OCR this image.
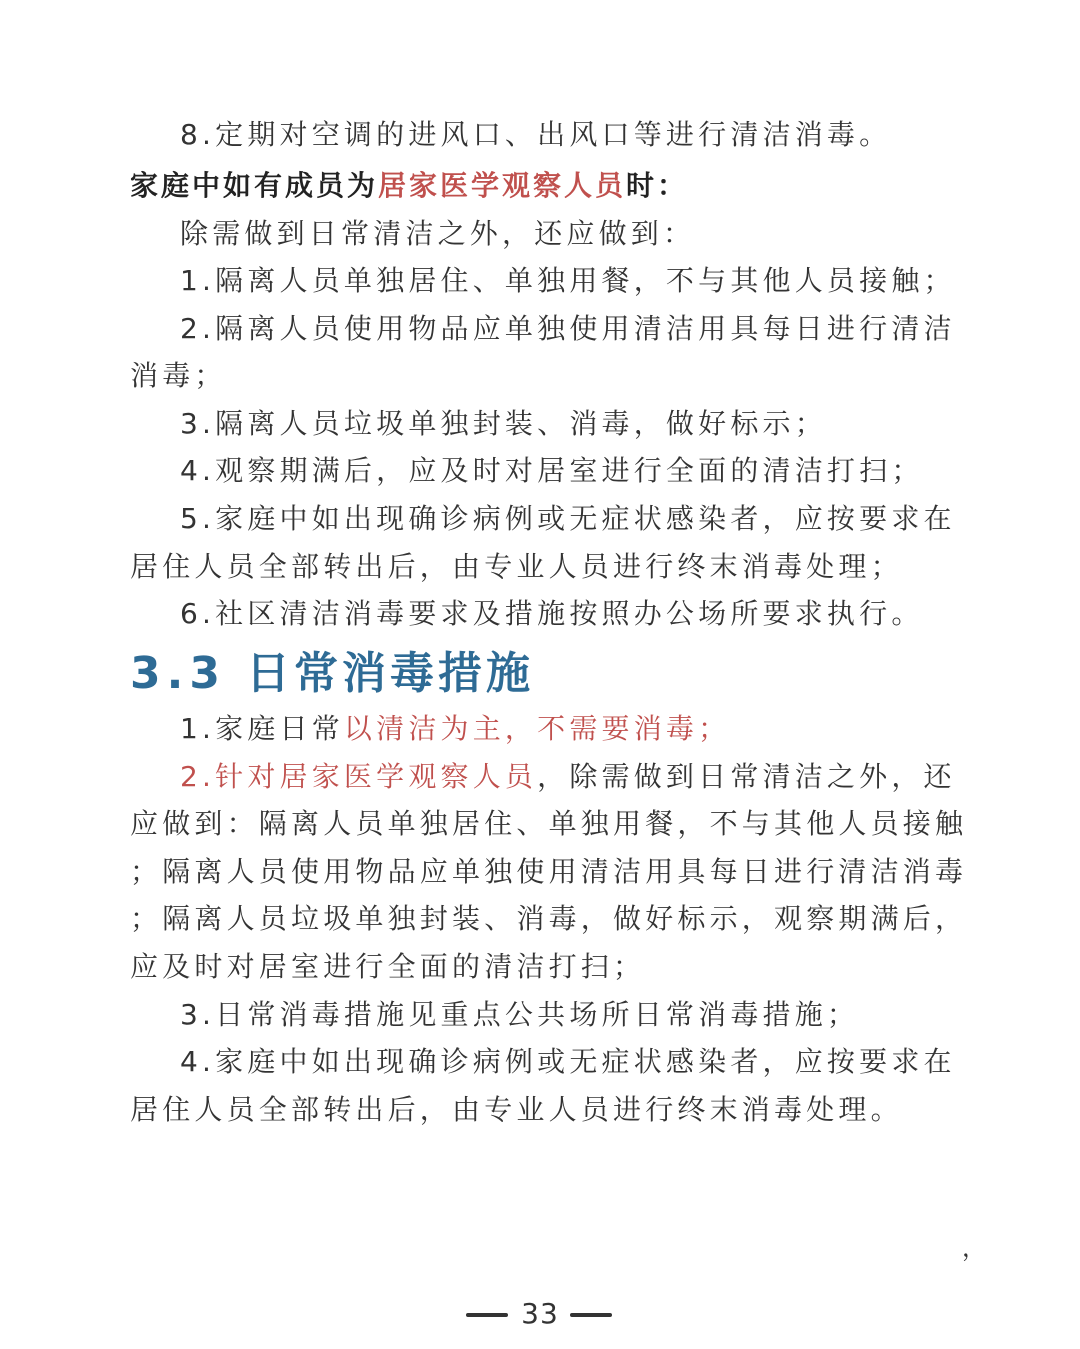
8.定期对空调的进风口、出风口等进行清洁消毒。
家庭中如有成员为居家医学观察人员时：
除需做到日常清洁之外，还应做到：
1.隔离人员单独居住、单独用餐，不与其他人员接触；
2.隔离人员使用物品应单独使用清洁用具每日进行清洁
消毒；
3.隔离人员垃圾单独封装、消毒，做好标示；
4.观察期满后，应及时对居室进行全面的清洁打扫；
5.家庭中如出现确诊病例或无症状感染者，应按要求在
居住人员全部转出后，由专业人员进行终末消毒处理；
6.社区清洁消毒要求及措施按照办公场所要求执行。
3.3 日常消毒措施
1.家庭日常以清洁为主，不需要消毒；
2.针对居家医学观察人员，除需做到日常清洁之外，还
应做到：隔离人员单独居住、单独用餐，不与其他人员接触
；隔离人员使用物品应单独使用清洁用具每日进行清洁消毒
；隔离人员垃圾单独封装、消毒，做好标示，观察期满后，
应及时对居室进行全面的清洁打扫；
3.日常消毒措施见重点公共场所日常消毒措施；
4.家庭中如出现确诊病例或无症状感染者，应按要求在
居住人员全部转出后，由专业人员进行终末消毒处理。
，
33
